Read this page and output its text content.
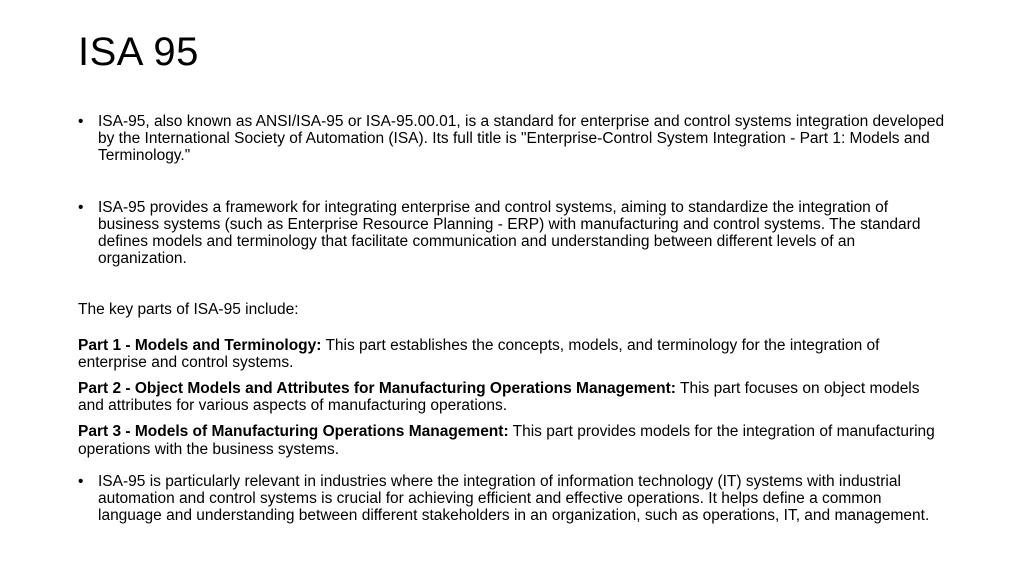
ISA 95
• ISA-95, also known as ANSI/ISA-95 or ISA-95.00.01, is a standard for enterprise and control systems integration developed by the International Society of Automation (ISA). Its full title is "Enterprise-Control System Integration - Part 1: Models and Terminology."
• ISA-95 provides a framework for integrating enterprise and control systems, aiming to standardize the integration of business systems (such as Enterprise Resource Planning - ERP) with manufacturing and control systems. The standard defines models and terminology that facilitate communication and understanding between different levels of an organization.
The key parts of ISA-95 include:
Part 1 - Models and Terminology: This part establishes the concepts, models, and terminology for the integration of enterprise and control systems.
Part 2 - Object Models and Attributes for Manufacturing Operations Management: This part focuses on object models and attributes for various aspects of manufacturing operations.
Part 3 - Models of Manufacturing Operations Management: This part provides models for the integration of manufacturing operations with the business systems.
• ISA-95 is particularly relevant in industries where the integration of information technology (IT) systems with industrial automation and control systems is crucial for achieving efficient and effective operations. It helps define a common language and understanding between different stakeholders in an organization, such as operations, IT, and management.
